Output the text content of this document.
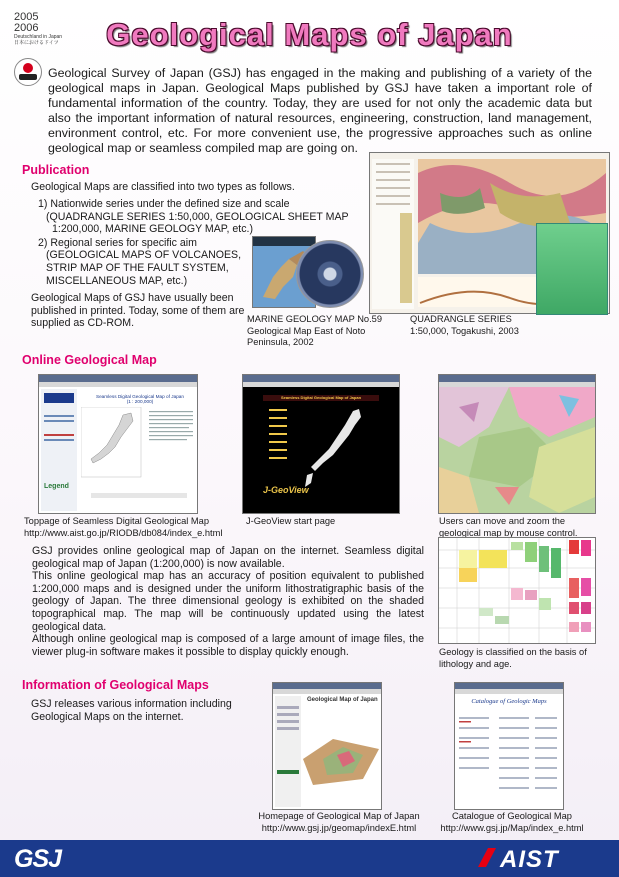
2005
2006
Deutschland in Japan
日本におけるドイツ	Geological Maps of Japan
Geological Survey of Japan (GSJ) has engaged in the making and publishing of a variety of the geological maps in Japan. Geological Maps published by GSJ have taken a important role of fundamental information of the country. Today, they are used for not only the academic data but also the important information of natural resources, engineering, construction, land management, environment control, etc. For more convenient use, the progressive approaches such as online geological map or seamless compiled map are going on.
Publication
Geological Maps are classified into two types as follows.
1) Nationwide series under the defined size and scale
(QUADRANGLE SERIES 1:50,000, GEOLOGICAL SHEET MAP
1:200,000, MARINE GEOLOGY MAP, etc.)
2) Regional series for specific aim
(GEOLOGICAL MAPS OF VOLCANOES,
STRIP MAP OF THE FAULT SYSTEM,
MISCELLANEOUS MAP, etc.)
Geological Maps of GSJ have usually been published in printed. Today, some of them are supplied as CD-ROM.	MARINE GEOLOGY MAP No.59
Geological Map East of Noto
Peninsula, 2002
QUADRANGLE SERIES
1:50,000, Togakushi, 2003
Online Geological Map
Legend
Seamless Digital Geological Map of Japan
(1 : 200,000)
Toppage of Seamless Digital Geological Map
http://www.aist.go.jp/RIODB/db084/index_e.html
Seamless Digital Geological Map of Japan
J-GeoView
J-GeoView start page	Users can move and zoom the
geological map by mouse control.
GSJ provides online geological map of Japan on the internet. Seamless digital geological map of Japan (1:200,000) is now available.
This online geological map has an accuracy of position equivalent to published 1:200,000 maps and is designed under the uniform lithostratigraphic basis of the geology of Japan. The three dimensional geology is exhibited on the shaded topographical map. The map will be continuously updated using the latest geological data.
Although online geological map is composed of a large amount of image files, the viewer plug-in software makes it possible to display quickly enough.	Geology is classified on the basis of
lithology and age.
Information of Geological Maps
GSJ releases various information including Geological Maps on the internet.
Geological Map of Japan
Homepage of Geological Map of Japan
http://www.gsj.jp/geomap/indexE.html
Catalogue of Geologic Maps
Catalogue of Geological Map
http://www.gsj.jp/Map/index_e.html
GSJ	AIST
